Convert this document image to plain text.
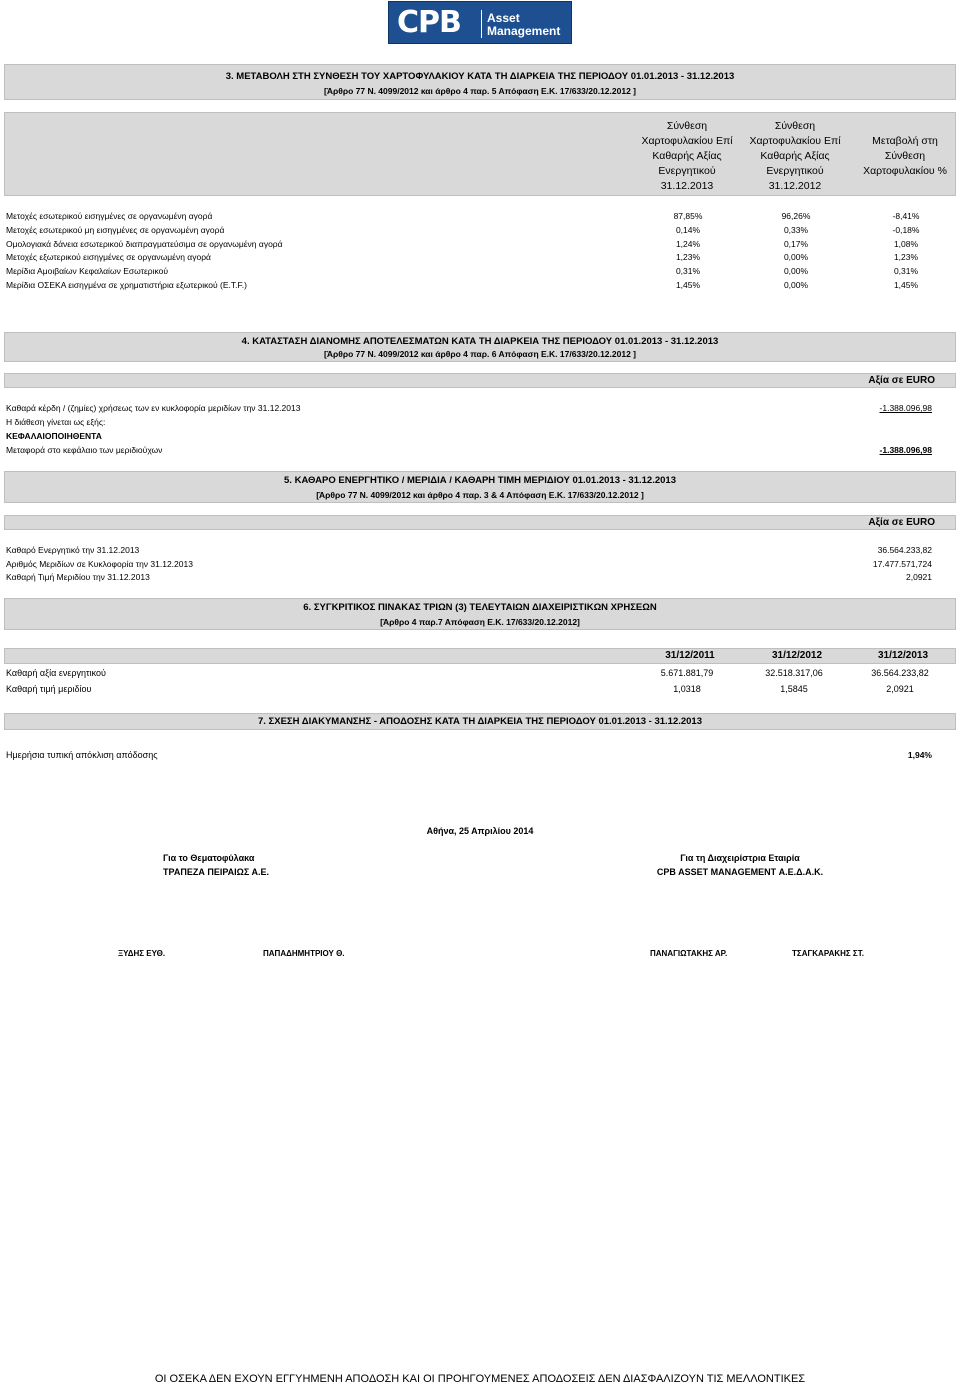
CPB Asset
Management
3. ΜΕΤΑΒΟΛΗ ΣΤΗ ΣΥΝΘΕΣΗ ΤΟΥ ΧΑΡΤΟΦΥΛΑΚΙΟΥ ΚΑΤΑ ΤΗ ΔΙΑΡΚΕΙΑ ΤΗΣ ΠΕΡΙΟΔΟΥ 01.01.2013 - 31.12.2013
[Άρθρο 77 Ν. 4099/2012 και άρθρο 4 παρ. 5 Απόφαση Ε.Κ. 17/633/20.12.2012 ]
Σύνθεση
Χαρτοφυλακίου Επί
Καθαρής Αξίας
Ενεργητικού
31.12.2013
Σύνθεση
Χαρτοφυλακίου Επί
Καθαρής Αξίας
Ενεργητικού
31.12.2012
Μεταβολή στη
Σύνθεση
Χαρτοφυλακίου %
Μετοχές εσωτερικού εισηγμένες σε οργανωμένη αγορά	87,85%	96,26%	-8,41%
Μετοχές εσωτερικού μη εισηγμένες σε οργανωμένη αγορά	0,14%	0,33%	-0,18%
Ομολογιακά δάνεια εσωτερικού διαπραγματεύσιμα σε οργανωμένη αγορά	1,24%	0,17%	1,08%
Μετοχές εξωτερικού εισηγμένες σε οργανωμένη αγορά	1,23%	0,00%	1,23%
Μερίδια Αμοιβαίων Κεφαλαίων Εσωτερικού	0,31%	0,00%	0,31%
Μερίδια ΟΣΕΚΑ εισηγμένα σε χρηματιστήρια εξωτερικού (E.T.F.)	1,45%	0,00%	1,45%
4. ΚΑΤΑΣΤΑΣΗ ΔΙΑΝΟΜΗΣ ΑΠΟΤΕΛΕΣΜΑΤΩΝ ΚΑΤΑ ΤΗ ΔΙΑΡΚΕΙΑ ΤΗΣ ΠΕΡΙΟΔΟΥ 01.01.2013 - 31.12.2013
[Άρθρο 77 Ν. 4099/2012 και άρθρο 4 παρ. 6 Απόφαση Ε.Κ. 17/633/20.12.2012 ]
Αξία σε EURO
Καθαρά κέρδη / (ζημίες) χρήσεως των εν κυκλοφορία μεριδίων την 31.12.2013	-1.388.096,98
Η διάθεση γίνεται ως εξής:
ΚΕΦΑΛΑΙΟΠΟΙΗΘΕΝΤΑ
Μεταφορά στο κεφάλαιο των μεριδιούχων	-1.388.096,98
5. ΚΑΘΑΡΟ ΕΝΕΡΓΗΤΙΚΟ / ΜΕΡΙΔΙΑ / ΚΑΘΑΡΗ ΤΙΜΗ ΜΕΡΙΔΙΟΥ 01.01.2013 - 31.12.2013
[Άρθρο 77 Ν. 4099/2012 και άρθρο 4 παρ. 3 & 4 Απόφαση Ε.Κ. 17/633/20.12.2012 ]
Αξία σε EURO
Καθαρό Ενεργητικό την 31.12.2013	36.564.233,82
Αριθμός Μεριδίων σε Κυκλοφορία την 31.12.2013	17.477.571,724
Καθαρή Τιμή Μεριδίου την 31.12.2013	2,0921
6. ΣΥΓΚΡΙΤΙΚΟΣ ΠΙΝΑΚΑΣ ΤΡΙΩΝ (3) ΤΕΛΕΥΤΑΙΩΝ ΔΙΑΧΕΙΡΙΣΤΙΚΩΝ ΧΡΗΣΕΩΝ
[Άρθρο 4 παρ.7 Απόφαση Ε.Κ. 17/633/20.12.2012]
31/12/2011	31/12/2012	31/12/2013
Καθαρή αξία ενεργητικού	5.671.881,79	32.518.317,06	36.564.233,82
Καθαρή τιμή μεριδίου	1,0318	1,5845	2,0921
7. ΣΧΕΣΗ ΔΙΑΚΥΜΑΝΣΗΣ - ΑΠΟΔΟΣΗΣ ΚΑΤΑ ΤΗ ΔΙΑΡΚΕΙΑ ΤΗΣ ΠΕΡΙΟΔΟΥ 01.01.2013 - 31.12.2013
Ημερήσια τυπική απόκλιση απόδοσης	1,94%
Αθήνα, 25 Απριλίου 2014
Για το Θεματοφύλακα
ΤΡΑΠΕΖΑ ΠΕΙΡΑΙΩΣ Α.Ε.
Για τη Διαχειρίστρια Εταιρία
CPB ASSET MANAGEMENT Α.Ε.Δ.Α.Κ.
ΞΥΔΗΣ ΕΥΘ.	ΠΑΠΑΔΗΜΗΤΡΙΟΥ Θ.	ΠΑΝΑΓΙΩΤΑΚΗΣ ΑΡ.	ΤΣΑΓΚΑΡΑΚΗΣ ΣΤ.
ΟΙ ΟΣΕΚΑ ΔΕΝ ΕΧΟΥΝ ΕΓΓΥΗΜΕΝΗ ΑΠΟΔΟΣΗ ΚΑΙ ΟΙ ΠΡΟΗΓΟΥΜΕΝΕΣ ΑΠΟΔΟΣΕΙΣ ΔΕΝ ΔΙΑΣΦΑΛΙΖΟΥΝ ΤΙΣ ΜΕΛΛΟΝΤΙΚΕΣ
